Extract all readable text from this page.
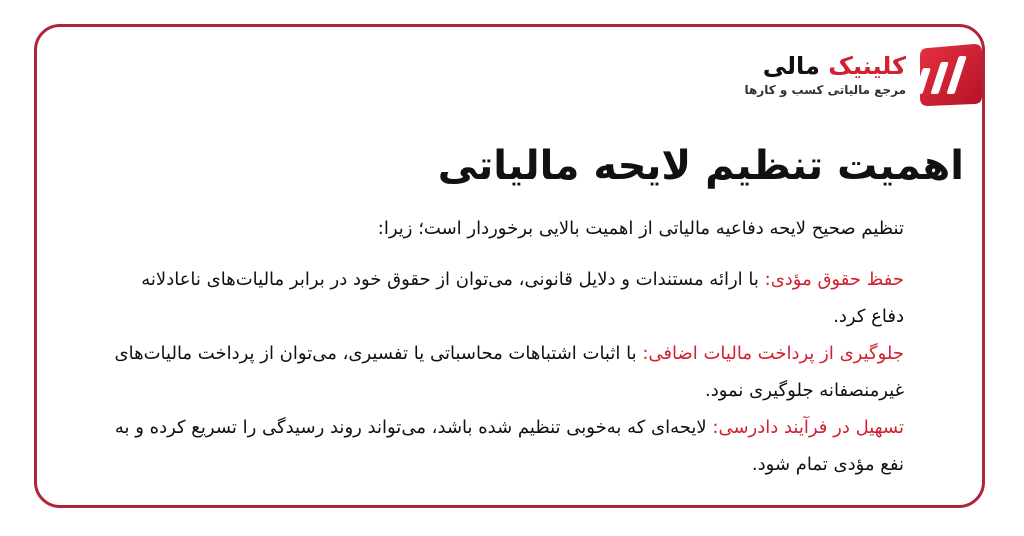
کلینیک مالی
مرجع مالیاتی کسب و کارها
اهمیت تنظیم لایحه مالیاتی

تنظیم صحیح لایحه دفاعیه مالیاتی از اهمیت بالایی برخوردار است؛ زیرا:

حفظ حقوق مؤدی: با ارائه مستندات و دلایل قانونی، می‌توان از حقوق خود در برابر مالیات‌های ناعادلانه دفاع کرد.

جلوگیری از پرداخت مالیات اضافی: با اثبات اشتباهات محاسباتی یا تفسیری، می‌توان از پرداخت مالیات‌های غیرمنصفانه جلوگیری نمود.

تسهیل در فرآیند دادرسی: لایحه‌ای که به‌خوبی تنظیم شده باشد، می‌تواند روند رسیدگی را تسریع کرده و به نفع مؤدی تمام شود.
